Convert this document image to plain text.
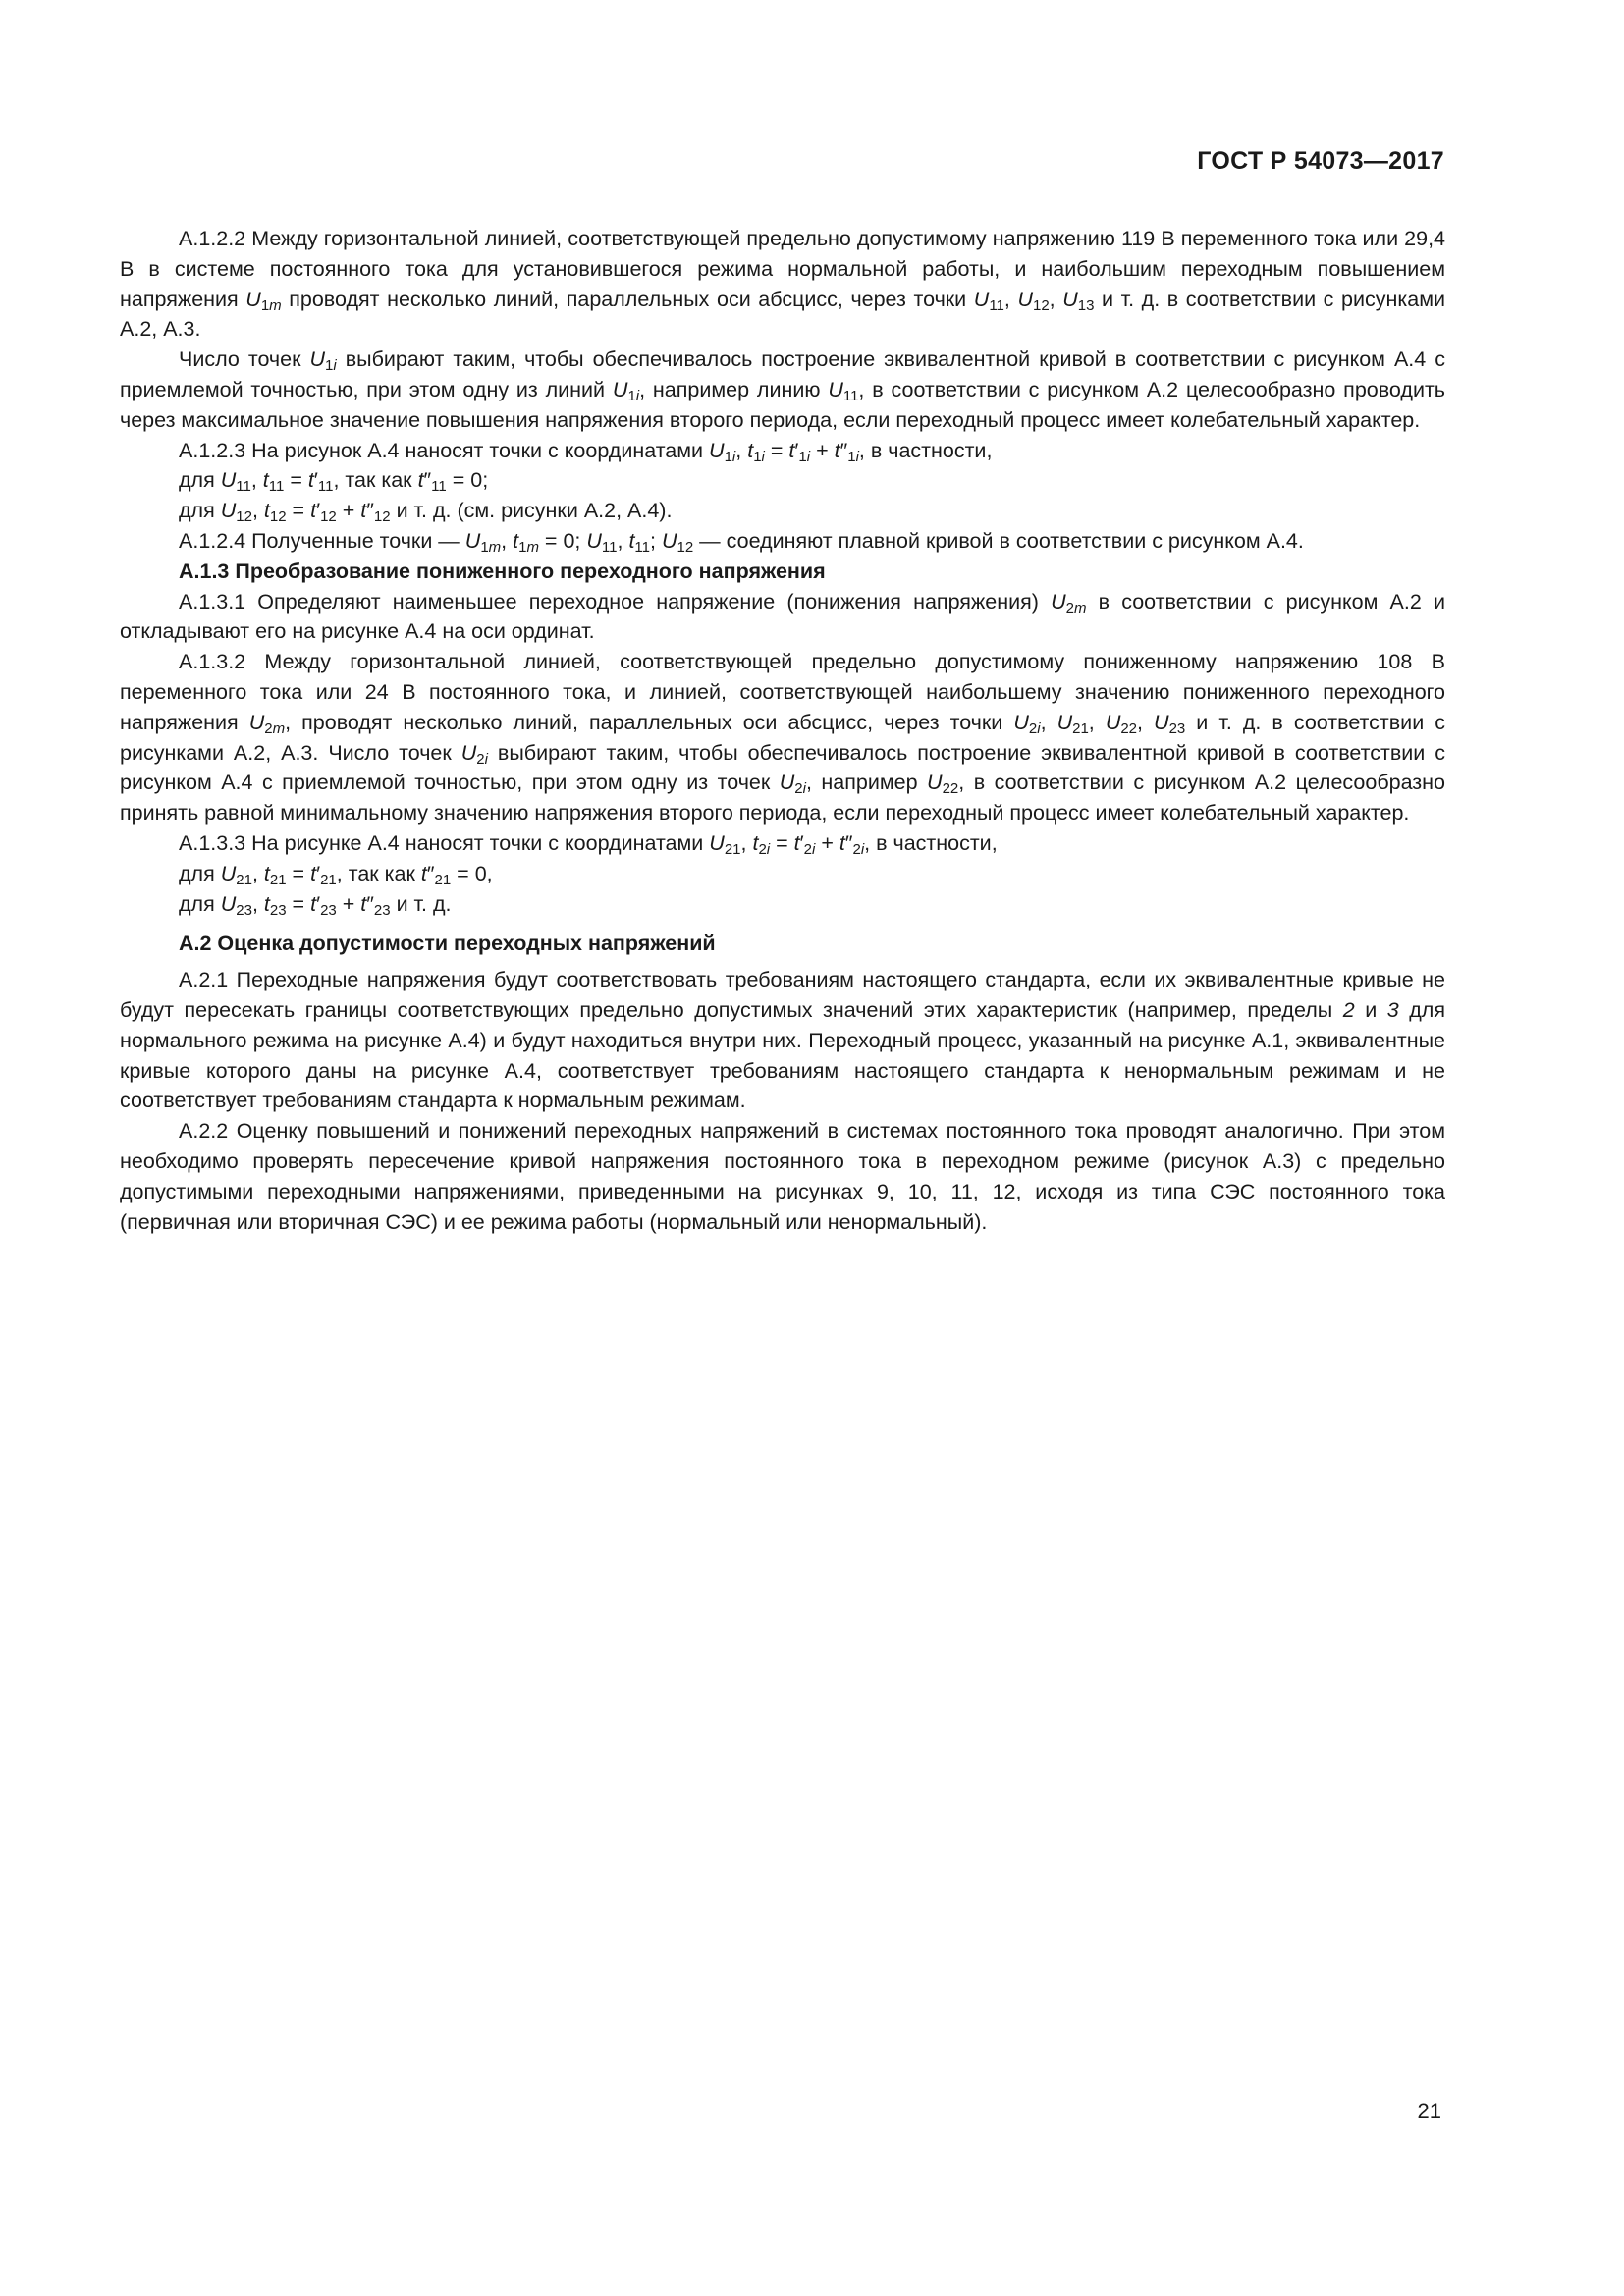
ГОСТ Р 54073—2017

А.1.2.2 Между горизонтальной линией, соответствующей предельно допустимому напряжению 119 В переменного тока или 29,4 В в системе постоянного тока для установившегося режима нормальной работы, и наибольшим переходным повышением напряжения $U_{1m}$ проводят несколько линий, параллельных оси абсцисс, через точки $U_{11}$, $U_{12}$, $U_{13}$ и т. д. в соответствии с рисунками А.2, А.3.

Число точек $U_{1i}$ выбирают таким, чтобы обеспечивалось построение эквивалентной кривой в соответствии с рисунком А.4 с приемлемой точностью, при этом одну из линий $U_{1i}$, например линию $U_{11}$, в соответствии с рисунком А.2 целесообразно проводить через максимальное значение повышения напряжения второго периода, если переходный процесс имеет колебательный характер.

А.1.2.3 На рисунок А.4 наносят точки с координатами $U_{1i}$, $t_{1i} = t'_{1i} + t''_{1i}$, в частности,

для $U_{11}$, $t_{11} = t'_{11}$, так как $t''_{11} = 0$;

для $U_{12}$, $t_{12} = t'_{12} + t''_{12}$ и т. д. (см. рисунки А.2, А.4).

А.1.2.4 Полученные точки — $U_{1m}$, $t_{1m} = 0$; $U_{11}$, $t_{11}$; $U_{12}$ — соединяют плавной кривой в соответствии с рисунком А.4.

А.1.3 Преобразование пониженного переходного напряжения

А.1.3.1 Определяют наименьшее переходное напряжение (понижения напряжения) $U_{2m}$ в соответствии с рисунком А.2 и откладывают его на рисунке А.4 на оси ординат.

А.1.3.2 Между горизонтальной линией, соответствующей предельно допустимому пониженному напряжению 108 В переменного тока или 24 В постоянного тока, и линией, соответствующей наибольшему значению пониженного переходного напряжения $U_{2m}$, проводят несколько линий, параллельных оси абсцисс, через точки $U_{2i}$, $U_{21}$, $U_{22}$, $U_{23}$ и т. д. в соответствии с рисунками А.2, А.3. Число точек $U_{2i}$ выбирают таким, чтобы обеспечивалось построение эквивалентной кривой в соответствии с рисунком А.4 с приемлемой точностью, при этом одну из точек $U_{2i}$, например $U_{22}$, в соответствии с рисунком А.2 целесообразно принять равной минимальному значению напряжения второго периода, если переходный процесс имеет колебательный характер.

А.1.3.3 На рисунке А.4 наносят точки с координатами $U_{21}$, $t_{2i} = t'_{2i} + t''_{2i}$, в частности,

для $U_{21}$, $t_{21} = t'_{21}$, так как $t''_{21} = 0$,

для $U_{23}$, $t_{23} = t'_{23} + t''_{23}$ и т. д.

А.2 Оценка допустимости переходных напряжений

А.2.1 Переходные напряжения будут соответствовать требованиям настоящего стандарта, если их эквивалентные кривые не будут пересекать границы соответствующих предельно допустимых значений этих характеристик (например, пределы 2 и 3 для нормального режима на рисунке А.4) и будут находиться внутри них. Переходный процесс, указанный на рисунке А.1, эквивалентные кривые которого даны на рисунке А.4, соответствует требованиям настоящего стандарта к ненормальным режимам и не соответствует требованиям стандарта к нормальным режимам.

А.2.2 Оценку повышений и понижений переходных напряжений в системах постоянного тока проводят аналогично. При этом необходимо проверять пересечение кривой напряжения постоянного тока в переходном режиме (рисунок А.3) с предельно допустимыми переходными напряжениями, приведенными на рисунках 9, 10, 11, 12, исходя из типа СЭС постоянного тока (первичная или вторичная СЭС) и ее режима работы (нормальный или ненормальный).

21
